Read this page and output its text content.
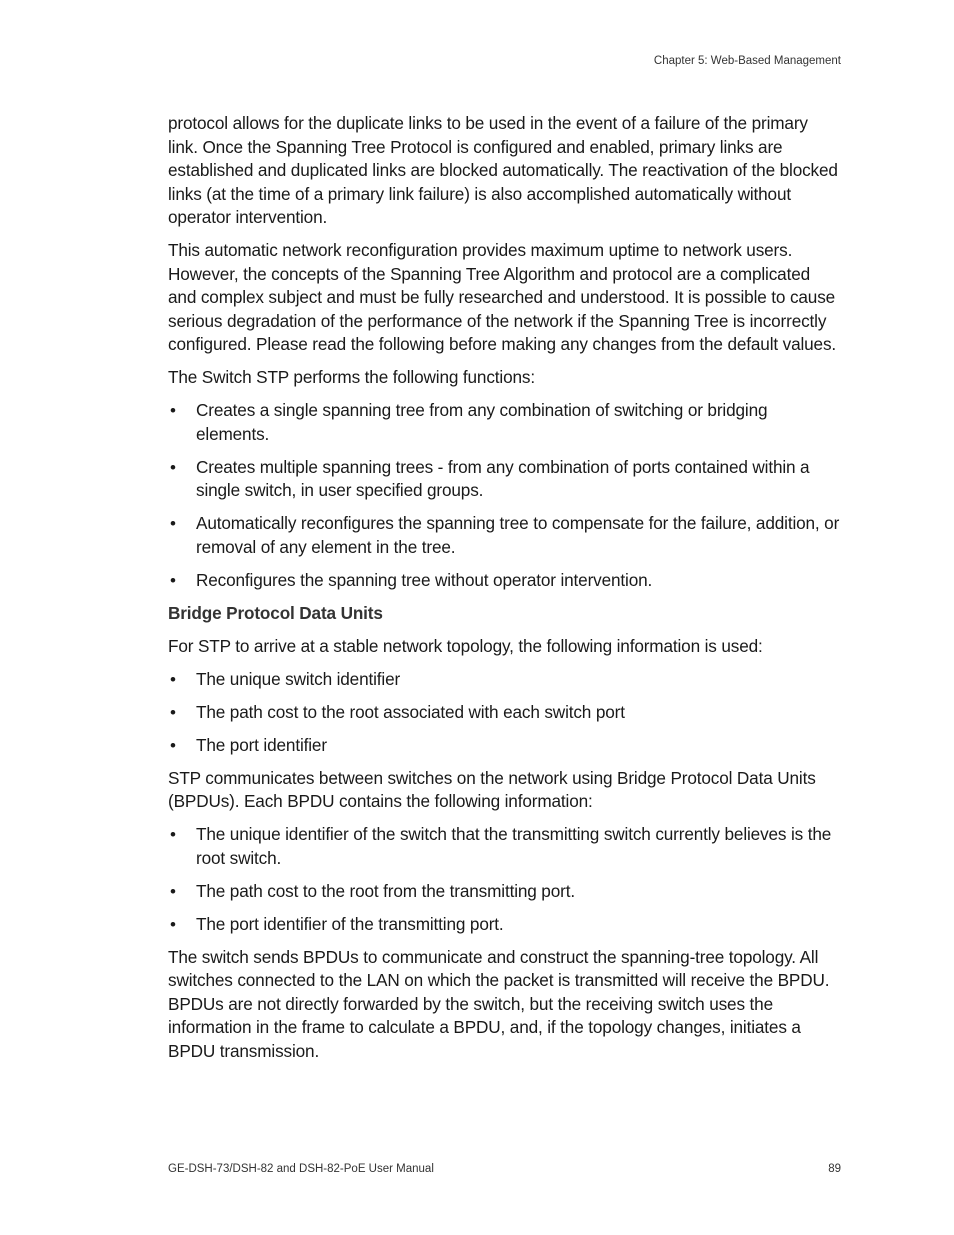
Chapter 5: Web-Based Management

protocol allows for the duplicate links to be used in the event of a failure of the primary link. Once the Spanning Tree Protocol is configured and enabled, primary links are established and duplicated links are blocked automatically. The reactivation of the blocked links (at the time of a primary link failure) is also accomplished automatically without operator intervention.

This automatic network reconfiguration provides maximum uptime to network users. However, the concepts of the Spanning Tree Algorithm and protocol are a complicated and complex subject and must be fully researched and understood. It is possible to cause serious degradation of the performance of the network if the Spanning Tree is incorrectly configured. Please read the following before making any changes from the default values.

The Switch STP performs the following functions:

• Creates a single spanning tree from any combination of switching or bridging elements.
• Creates multiple spanning trees - from any combination of ports contained within a single switch, in user specified groups.
• Automatically reconfigures the spanning tree to compensate for the failure, addition, or removal of any element in the tree.
• Reconfigures the spanning tree without operator intervention.
Bridge Protocol Data Units

For STP to arrive at a stable network topology, the following information is used:

• The unique switch identifier
• The path cost to the root associated with each switch port
• The port identifier

STP communicates between switches on the network using Bridge Protocol Data Units (BPDUs). Each BPDU contains the following information:

• The unique identifier of the switch that the transmitting switch currently believes is the root switch.
• The path cost to the root from the transmitting port.
• The port identifier of the transmitting port.

The switch sends BPDUs to communicate and construct the spanning-tree topology. All switches connected to the LAN on which the packet is transmitted will receive the BPDU. BPDUs are not directly forwarded by the switch, but the receiving switch uses the information in the frame to calculate a BPDU, and, if the topology changes, initiates a BPDU transmission.

GE-DSH-73/DSH-82 and DSH-82-PoE User Manual	89
